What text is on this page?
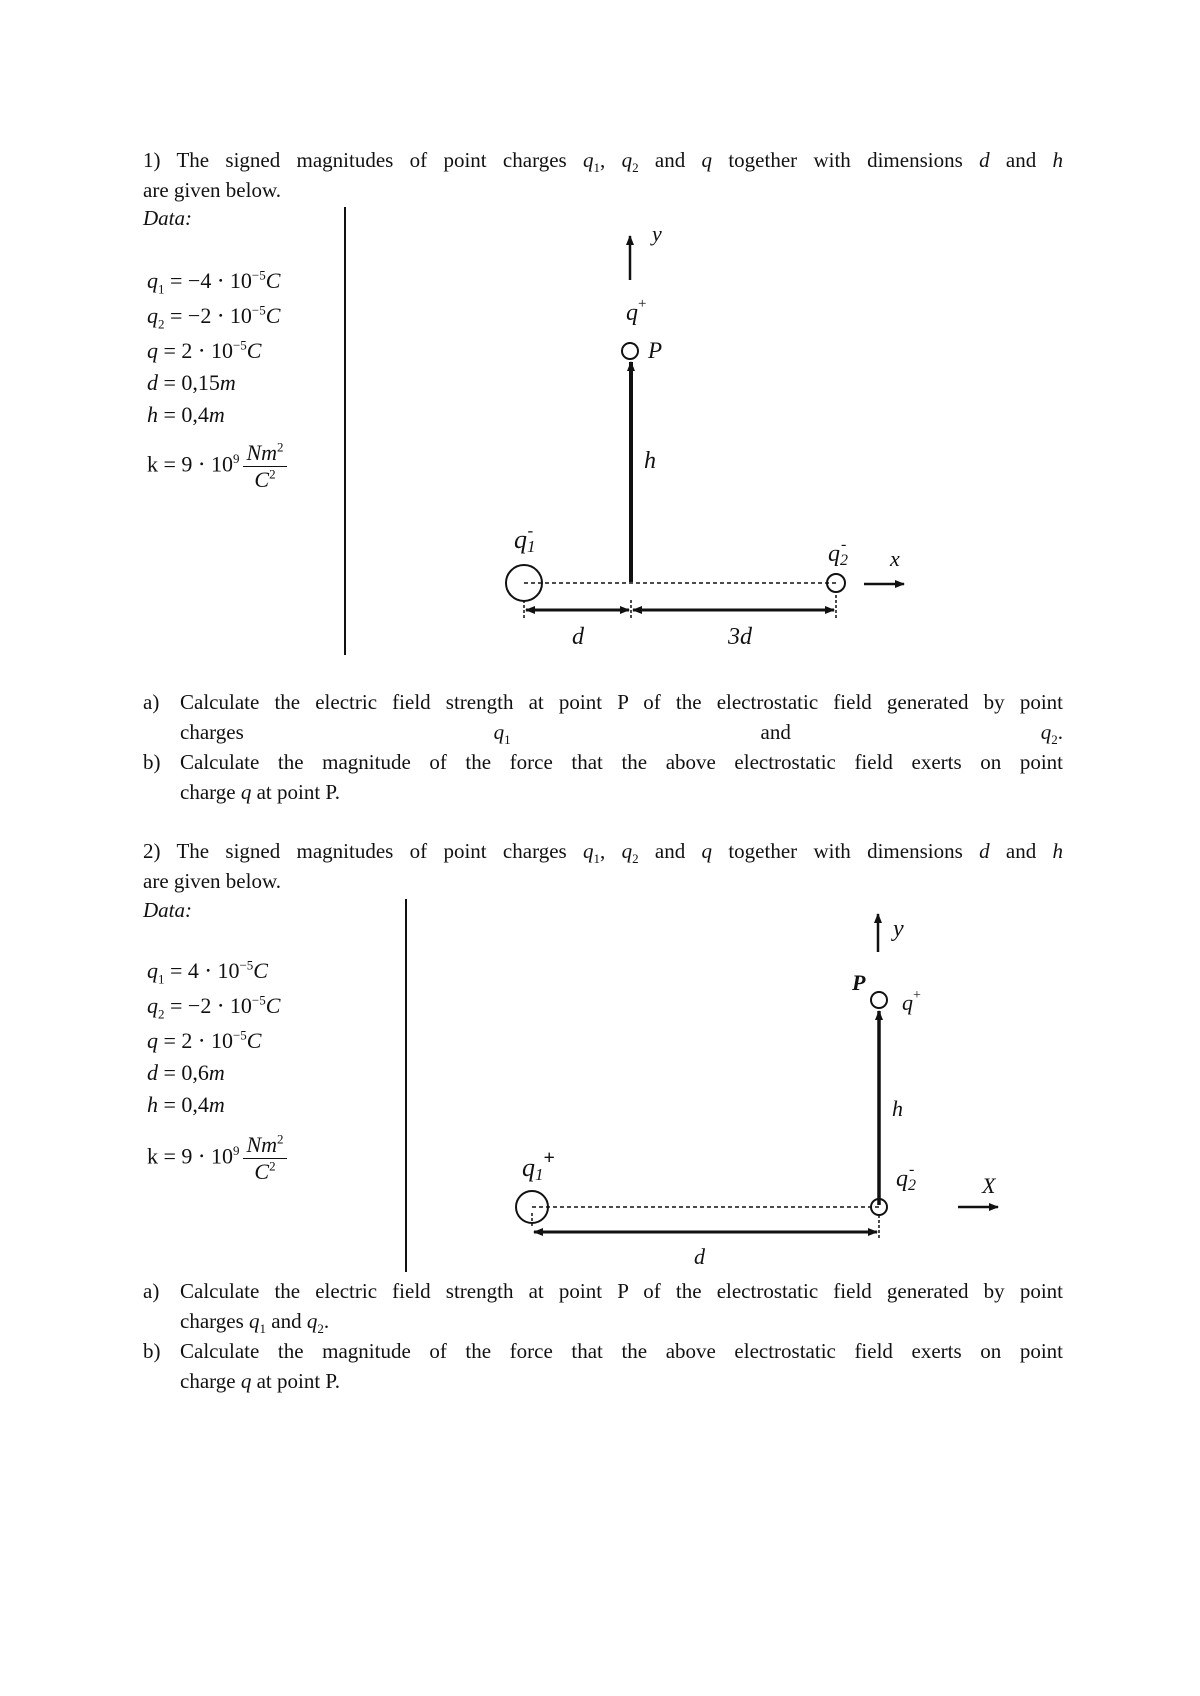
1) The signed magnitudes of point charges $q_1$, $q_2$ and q together with dimensions d and h
are given below.
Data:
$q_1 = -4 \cdot 10^{-5}C$
$q_2 = -2 \cdot 10^{-5}C$
$q = 2 \cdot 10^{-5}C$
d = 0,15m
h = 0,4m
$k = 9 \cdot 10^9 \frac{Nm^2}{C^2}$
y
q+
P
h
q1-
q2-
x
d	3d
a) Calculate the electric field strength at point P of the electrostatic field generated by point
charges	$q_1$	and	$q_2$.
b) Calculate the magnitude of the force that the above electrostatic field exerts on point
charge q at point P.
2) The signed magnitudes of point charges $q_1$, $q_2$ and q together with dimensions d and h
are given below.
Data:
$q_1 = 4 \cdot 10^{-5}C$
$q_2 = -2 \cdot 10^{-5}C$
$q = 2 \cdot 10^{-5}C$
d = 0,6m
h = 0,4m
$k = 9 \cdot 10^9 \frac{Nm^2}{C^2}$
y
P
q+
h
q1+
q2-
X
d
a) Calculate the electric field strength at point P of the electrostatic field generated by point
charges $q_1$ and $q_2$.
b) Calculate the magnitude of the force that the above electrostatic field exerts on point
charge q at point P.
